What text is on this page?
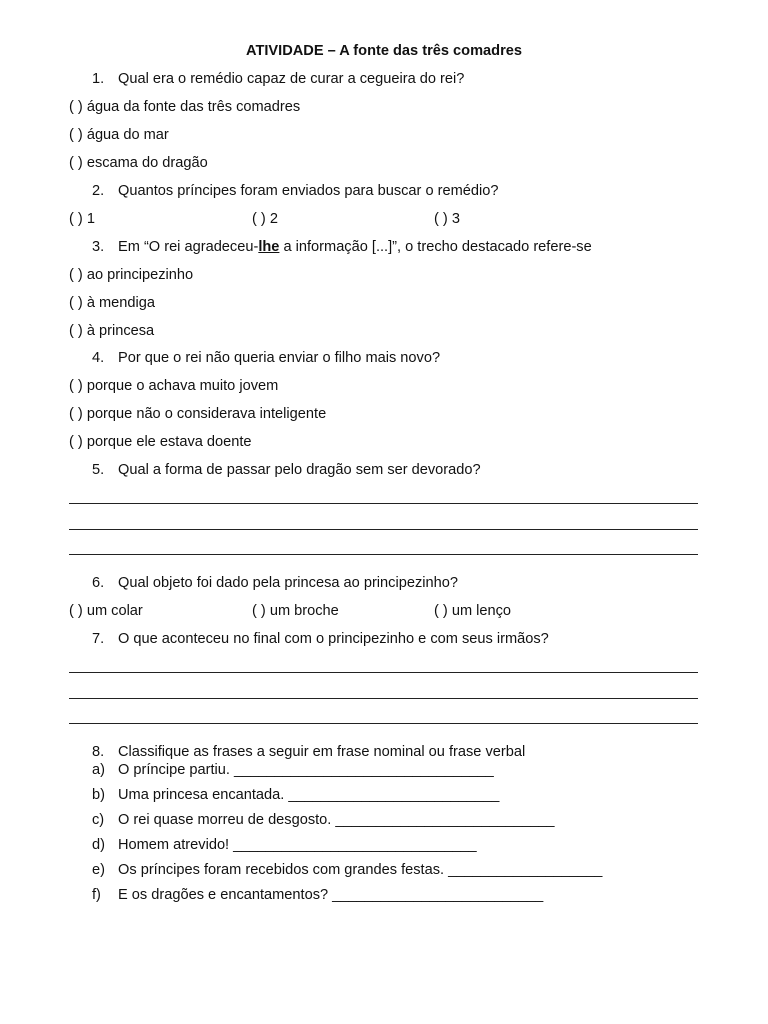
ATIVIDADE – A fonte das três comadres
1. Qual era o remédio capaz de curar a cegueira do rei?
( ) água da fonte das três comadres
( ) água do mar
( ) escama do dragão
2. Quantos príncipes foram enviados para buscar o remédio?
( ) 1	( ) 2	( ) 3
3. Em “O rei agradeceu-lhe a informação [...]”, o trecho destacado refere-se
( ) ao principezinho
( ) à mendiga
( ) à princesa
4. Por que o rei não queria enviar o filho mais novo?
( ) porque o achava muito jovem
( ) porque não o considerava inteligente
( ) porque ele estava doente
5. Qual a forma de passar pelo dragão sem ser devorado?
6. Qual objeto foi dado pela princesa ao principezinho?
( ) um colar	( ) um broche	( ) um lenço
7. O que aconteceu no final com o principezinho e com seus irmãos?
8. Classifique as frases a seguir em frase nominal ou frase verbal
a) O príncipe partiu. ________________________________
b) Uma princesa encantada. __________________________
c) O rei quase morreu de desgosto. ___________________________
d) Homem atrevido! ______________________________
e) Os príncipes foram recebidos com grandes festas. ___________________
f) E os dragões e encantamentos? __________________________
